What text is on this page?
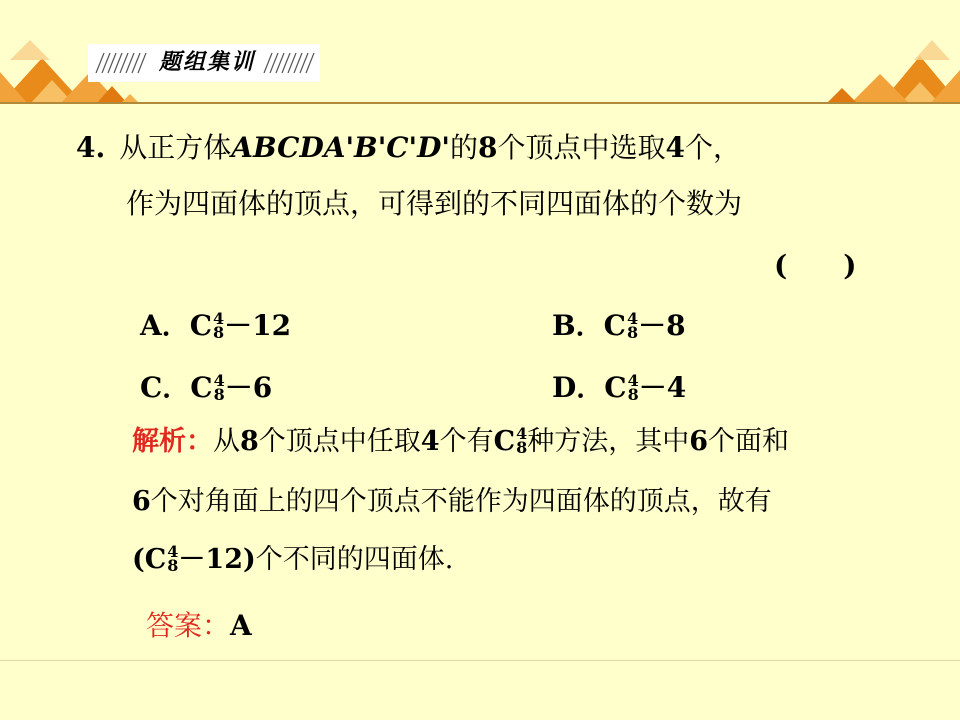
题组集训
4. 从正方体ABCDA'B'C'D'的8个顶点中选取4个，
作为四面体的顶点，可得到的不同四面体的个数为
(　　)
A．C 4
8 －12	B．C 4
8 －8
C．C 4
8 －6	D．C 4
8 －4
解析：从8个顶点中任取4个有C 4
8 种方法，其中6个面和
6个对角面上的四个顶点不能作为四面体的顶点，故有
(C 4
8 －12)个不同的四面体.
答案：A
